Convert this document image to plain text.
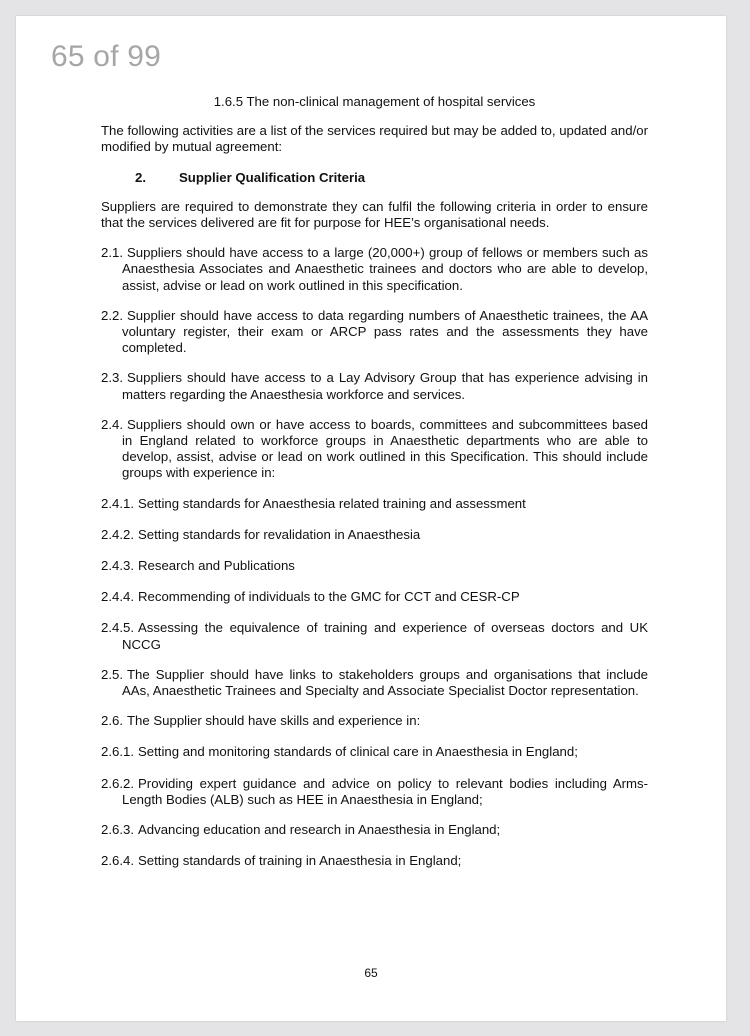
65
65 of 99

1.6.5 The non-clinical management of hospital services

The following activities are a list of the services required but may be added to, updated and/or modified by mutual agreement:

2.	Supplier Qualification Criteria

Suppliers are required to demonstrate they can fulfil the following criteria in order to ensure that the services delivered are fit for purpose for HEE’s organisational needs.

2.1. Suppliers should have access to a large (20,000+) group of fellows or members such as Anaesthesia Associates and Anaesthetic trainees and doctors who are able to develop, assist, advise or lead on work outlined in this specification.

2.2. Supplier should have access to data regarding numbers of Anaesthetic trainees, the AA voluntary register, their exam or ARCP pass rates and the assessments they have completed.

2.3. Suppliers should have access to a Lay Advisory Group that has experience advising in matters regarding the Anaesthesia workforce and services.

2.4. Suppliers should own or have access to boards, committees and subcommittees based in England related to workforce groups in Anaesthetic departments who are able to develop, assist, advise or lead on work outlined in this Specification. This should include groups with experience in:

2.4.1. Setting standards for Anaesthesia related training and assessment

2.4.2. Setting standards for revalidation in Anaesthesia

2.4.3. Research and Publications

2.4.4. Recommending of individuals to the GMC for CCT and CESR-CP

2.4.5. Assessing the equivalence of training and experience of overseas doctors and UK NCCG

2.5. The Supplier should have links to stakeholders groups and organisations that include AAs, Anaesthetic Trainees and Specialty and Associate Specialist Doctor representation.

2.6. The Supplier should have skills and experience in:

2.6.1. Setting and monitoring standards of clinical care in Anaesthesia in England;

2.6.2. Providing expert guidance and advice on policy to relevant bodies including Arms-Length Bodies (ALB) such as HEE in Anaesthesia in England;

2.6.3. Advancing education and research in Anaesthesia in England;

2.6.4. Setting standards of training in Anaesthesia in England;
